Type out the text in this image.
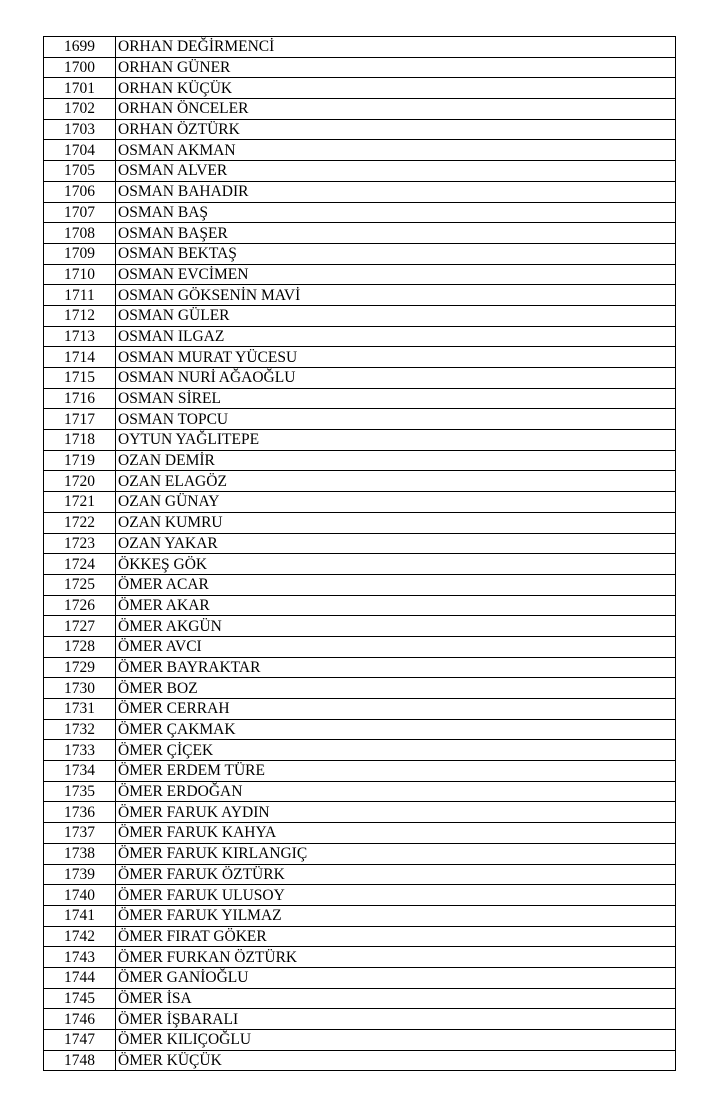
1699	ORHAN DEĞİRMENCİ
1700	ORHAN GÜNER
1701	ORHAN KÜÇÜK
1702	ORHAN ÖNCELER
1703	ORHAN ÖZTÜRK
1704	OSMAN AKMAN
1705	OSMAN ALVER
1706	OSMAN BAHADIR
1707	OSMAN BAŞ
1708	OSMAN BAŞER
1709	OSMAN BEKTAŞ
1710	OSMAN EVCİMEN
1711	OSMAN GÖKSENİN MAVİ
1712	OSMAN GÜLER
1713	OSMAN ILGAZ
1714	OSMAN MURAT YÜCESU
1715	OSMAN NURİ AĞAOĞLU
1716	OSMAN SİREL
1717	OSMAN TOPCU
1718	OYTUN YAĞLITEPE
1719	OZAN DEMİR
1720	OZAN ELAGÖZ
1721	OZAN GÜNAY
1722	OZAN KUMRU
1723	OZAN YAKAR
1724	ÖKKEŞ GÖK
1725	ÖMER ACAR
1726	ÖMER AKAR
1727	ÖMER AKGÜN
1728	ÖMER AVCI
1729	ÖMER BAYRAKTAR
1730	ÖMER BOZ
1731	ÖMER CERRAH
1732	ÖMER ÇAKMAK
1733	ÖMER ÇİÇEK
1734	ÖMER ERDEM TÜRE
1735	ÖMER ERDOĞAN
1736	ÖMER FARUK AYDIN
1737	ÖMER FARUK KAHYA
1738	ÖMER FARUK KIRLANGIÇ
1739	ÖMER FARUK ÖZTÜRK
1740	ÖMER FARUK ULUSOY
1741	ÖMER FARUK YILMAZ
1742	ÖMER FIRAT GÖKER
1743	ÖMER FURKAN ÖZTÜRK
1744	ÖMER GANİOĞLU
1745	ÖMER İSA
1746	ÖMER İŞBARALI
1747	ÖMER KILIÇOĞLU
1748	ÖMER KÜÇÜK
